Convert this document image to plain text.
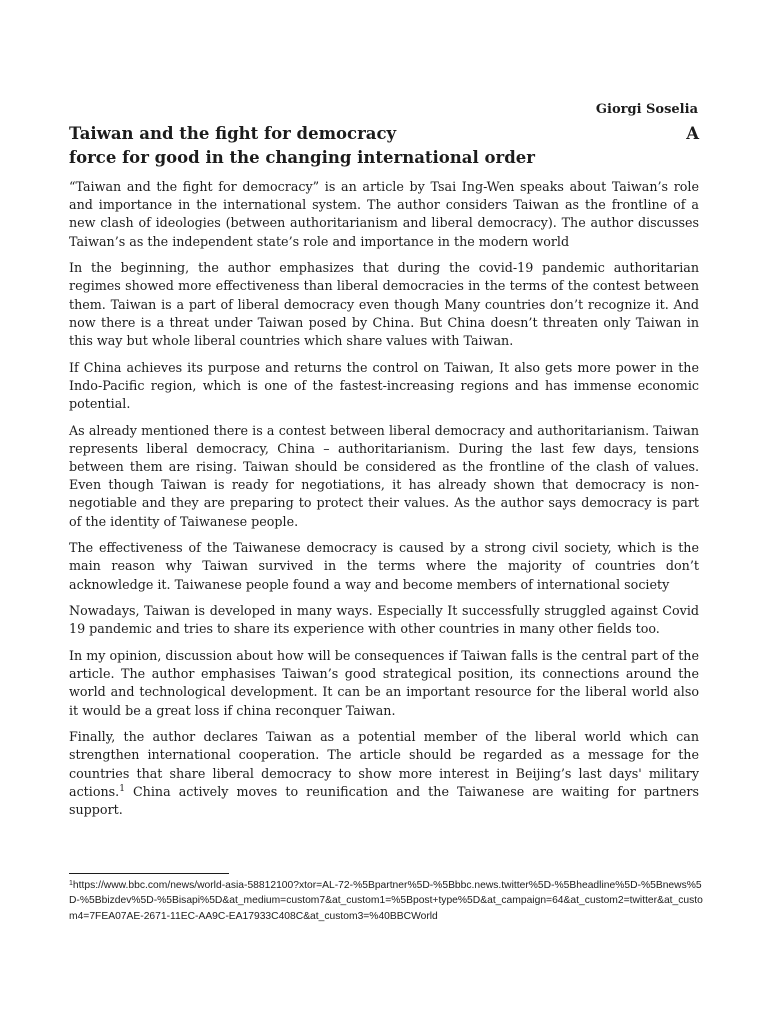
Giorgi Soselia
Taiwan and the fight for democracy	A
force for good in the changing international order

“Taiwan and the fight for democracy” is an article by Tsai Ing-Wen speaks about Taiwan’s role and importance in the international system. The author considers Taiwan as the frontline of a new clash of ideologies (between authoritarianism and liberal democracy). The author discusses Taiwan’s as the independent state’s role and importance in the modern world

In the beginning, the author emphasizes that during the covid-19 pandemic authoritarian regimes showed more effectiveness than liberal democracies in the terms of the contest between them. Taiwan is a part of liberal democracy even though Many countries don’t recognize it. And now there is a threat under Taiwan posed by China. But China doesn’t threaten only Taiwan in this way but whole liberal countries which share values with Taiwan.

If China achieves its purpose and returns the control on Taiwan, It also gets more power in the Indo-Pacific region, which is one of the fastest-increasing regions and has immense economic potential.

As already mentioned there is a contest between liberal democracy and authoritarianism. Taiwan represents liberal democracy, China – authoritarianism. During the last few days, tensions between them are rising. Taiwan should be considered as the frontline of the clash of values. Even though Taiwan is ready for negotiations, it has already shown that democracy is non-negotiable and they are preparing to protect their values. As the author says democracy is part of the identity of Taiwanese people.

The effectiveness of the Taiwanese democracy is caused by a strong civil society, which is the main reason why Taiwan survived in the terms where the majority of countries don’t acknowledge it. Taiwanese people found a way and become members of international society

Nowadays, Taiwan is developed in many ways. Especially It successfully struggled against Covid 19 pandemic and tries to share its experience with other countries in many other fields too.

In my opinion, discussion about how will be consequences if Taiwan falls is the central part of the article. The author emphasises Taiwan’s good strategical position, its connections around the world and technological development. It can be an important resource for the liberal world also it would be a great loss if china reconquer Taiwan.

Finally, the author declares Taiwan as a potential member of the liberal world which can strengthen international cooperation. The article should be regarded as a message for the countries that share liberal democracy to show more interest in Beijing’s last days' military actions.$^1$ China actively moves to reunification and the Taiwanese are waiting for partners support.

$^1$https://www.bbc.com/news/world-asia-58812100?xtor=AL-72-%5Bpartner%5D-%5Bbbc.news.twitter%5D-%5Bheadline%5D-%5Bnews%5D-%5Bbizdev%5D-%5Bisapi%5D&at_medium=custom7&at_custom1=%5Bpost+type%5D&at_campaign=64&at_custom2=twitter&at_custom4=7FEA07AE-2671-11EC-AA9C-EA17933C408C&at_custom3=%40BBCWorld
